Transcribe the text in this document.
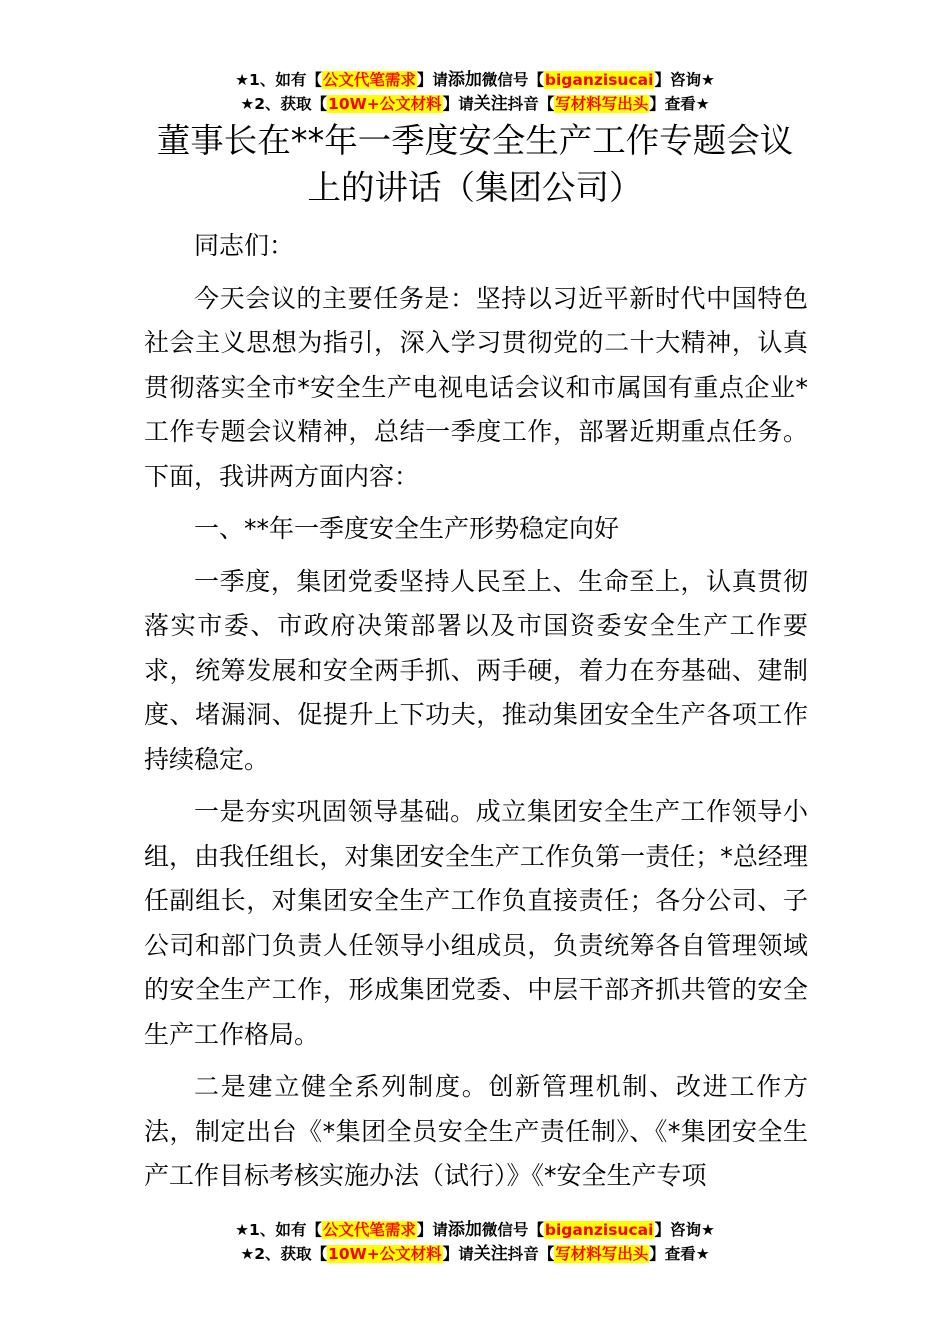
★1、如有【公文代笔需求】请添加微信号【biganzisucai】咨询★
★2、获取【10W+公文材料】请关注抖音【写材料写出头】查看★
董事长在**年一季度安全生产工作专题会议
上的讲话（集团公司）

同志们：

今天会议的主要任务是：坚持以习近平新时代中国特色社会主义思想为指引，深入学习贯彻党的二十大精神，认真贯彻落实全市*安全生产电视电话会议和市属国有重点企业*工作专题会议精神，总结一季度工作，部署近期重点任务。下面，我讲两方面内容：

一、**年一季度安全生产形势稳定向好

一季度，集团党委坚持人民至上、生命至上，认真贯彻落实市委、市政府决策部署以及市国资委安全生产工作要求，统筹发展和安全两手抓、两手硬，着力在夯基础、建制度、堵漏洞、促提升上下功夫，推动集团安全生产各项工作持续稳定。

一是夯实巩固领导基础。成立集团安全生产工作领导小组，由我任组长，对集团安全生产工作负第一责任；*总经理任副组长，对集团安全生产工作负直接责任；各分公司、子公司和部门负责人任领导小组成员，负责统筹各自管理领域的安全生产工作，形成集团党委、中层干部齐抓共管的安全生产工作格局。

二是建立健全系列制度。创新管理机制、改进工作方法，制定出台《*集团全员安全生产责任制》、《*集团安全生产工作目标考核实施办法（试行）》《*安全生产专项

★1、如有【公文代笔需求】请添加微信号【biganzisucai】咨询★
★2、获取【10W+公文材料】请关注抖音【写材料写出头】查看★
